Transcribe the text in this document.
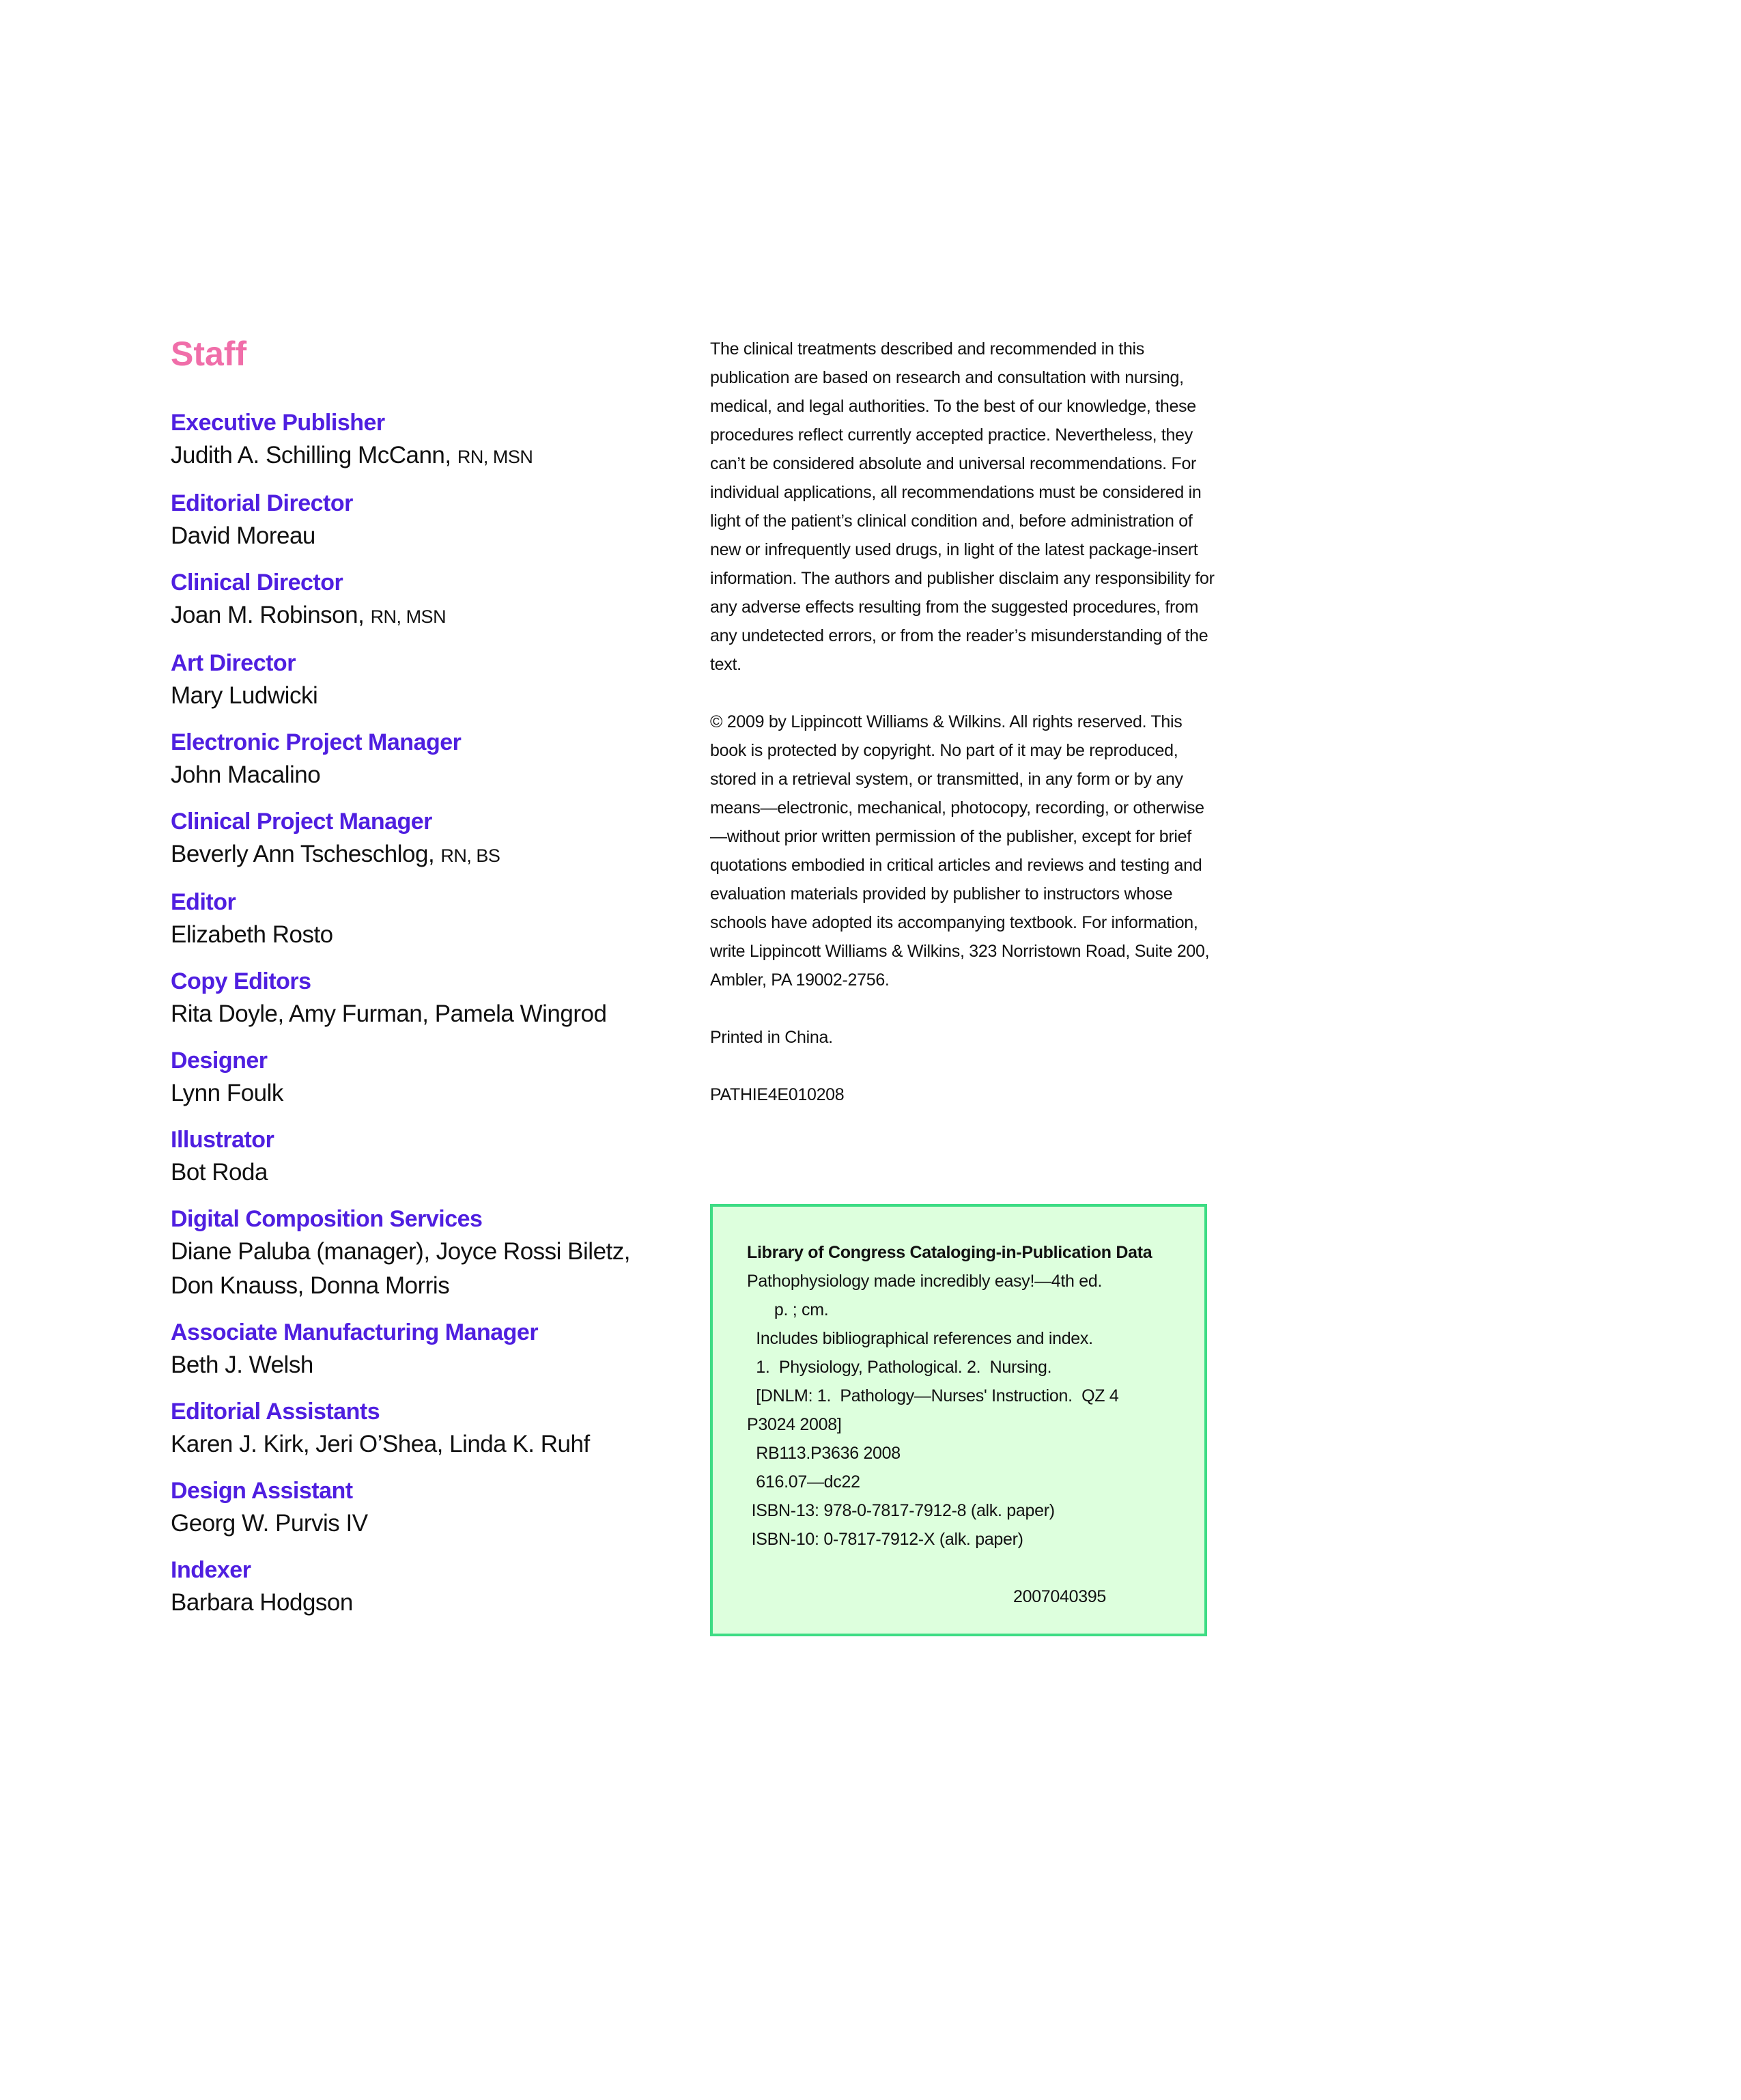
Staff
Executive Publisher
Judith A. Schilling McCann, RN, MSN
Editorial Director
David Moreau
Clinical Director
Joan M. Robinson, RN, MSN
Art Director
Mary Ludwicki
Electronic Project Manager
John Macalino
Clinical Project Manager
Beverly Ann Tscheschlog, RN, BS
Editor
Elizabeth Rosto
Copy Editors
Rita Doyle, Amy Furman, Pamela Wingrod
Designer
Lynn Foulk
Illustrator
Bot Roda
Digital Composition Services
Diane Paluba (manager), Joyce Rossi Biletz, Don Knauss, Donna Morris
Associate Manufacturing Manager
Beth J. Welsh
Editorial Assistants
Karen J. Kirk, Jeri O’Shea, Linda K. Ruhf
Design Assistant
Georg W. Purvis IV
Indexer
Barbara Hodgson

The clinical treatments described and recommended in this publication are based on research and consultation with nursing, medical, and legal authorities. To the best of our knowledge, these procedures reflect currently accepted practice. Nevertheless, they can’t be considered absolute and universal recommendations. For individual applications, all recommendations must be considered in light of the patient’s clinical condition and, before administration of new or infrequently used drugs, in light of the latest package-insert information. The authors and publisher disclaim any responsibility for any adverse effects resulting from the suggested procedures, from any undetected errors, or from the reader’s misunderstanding of the text.

© 2009 by Lippincott Williams & Wilkins. All rights reserved. This book is protected by copyright. No part of it may be reproduced, stored in a retrieval system, or transmitted, in any form or by any means—electronic, mechanical, photocopy, recording, or otherwise—without prior written permission of the publisher, except for brief quotations embodied in critical articles and reviews and testing and evaluation materials provided by publisher to instructors whose schools have adopted its accompanying textbook. For information, write Lippincott Williams & Wilkins, 323 Norristown Road, Suite 200, Ambler, PA 19002-2756.

Printed in China.

PATHIE4E010208

Library of Congress Cataloging-in-Publication Data
Pathophysiology made incredibly easy!—4th ed.
p. ; cm.
Includes bibliographical references and index.
1.  Physiology, Pathological. 2.  Nursing.
[DNLM: 1.  Pathology—Nurses' Instruction.  QZ 4
P3024 2008]
RB113.P3636 2008
616.07—dc22
ISBN-13: 978-0-7817-7912-8 (alk. paper)
ISBN-10: 0-7817-7912-X (alk. paper)
2007040395
